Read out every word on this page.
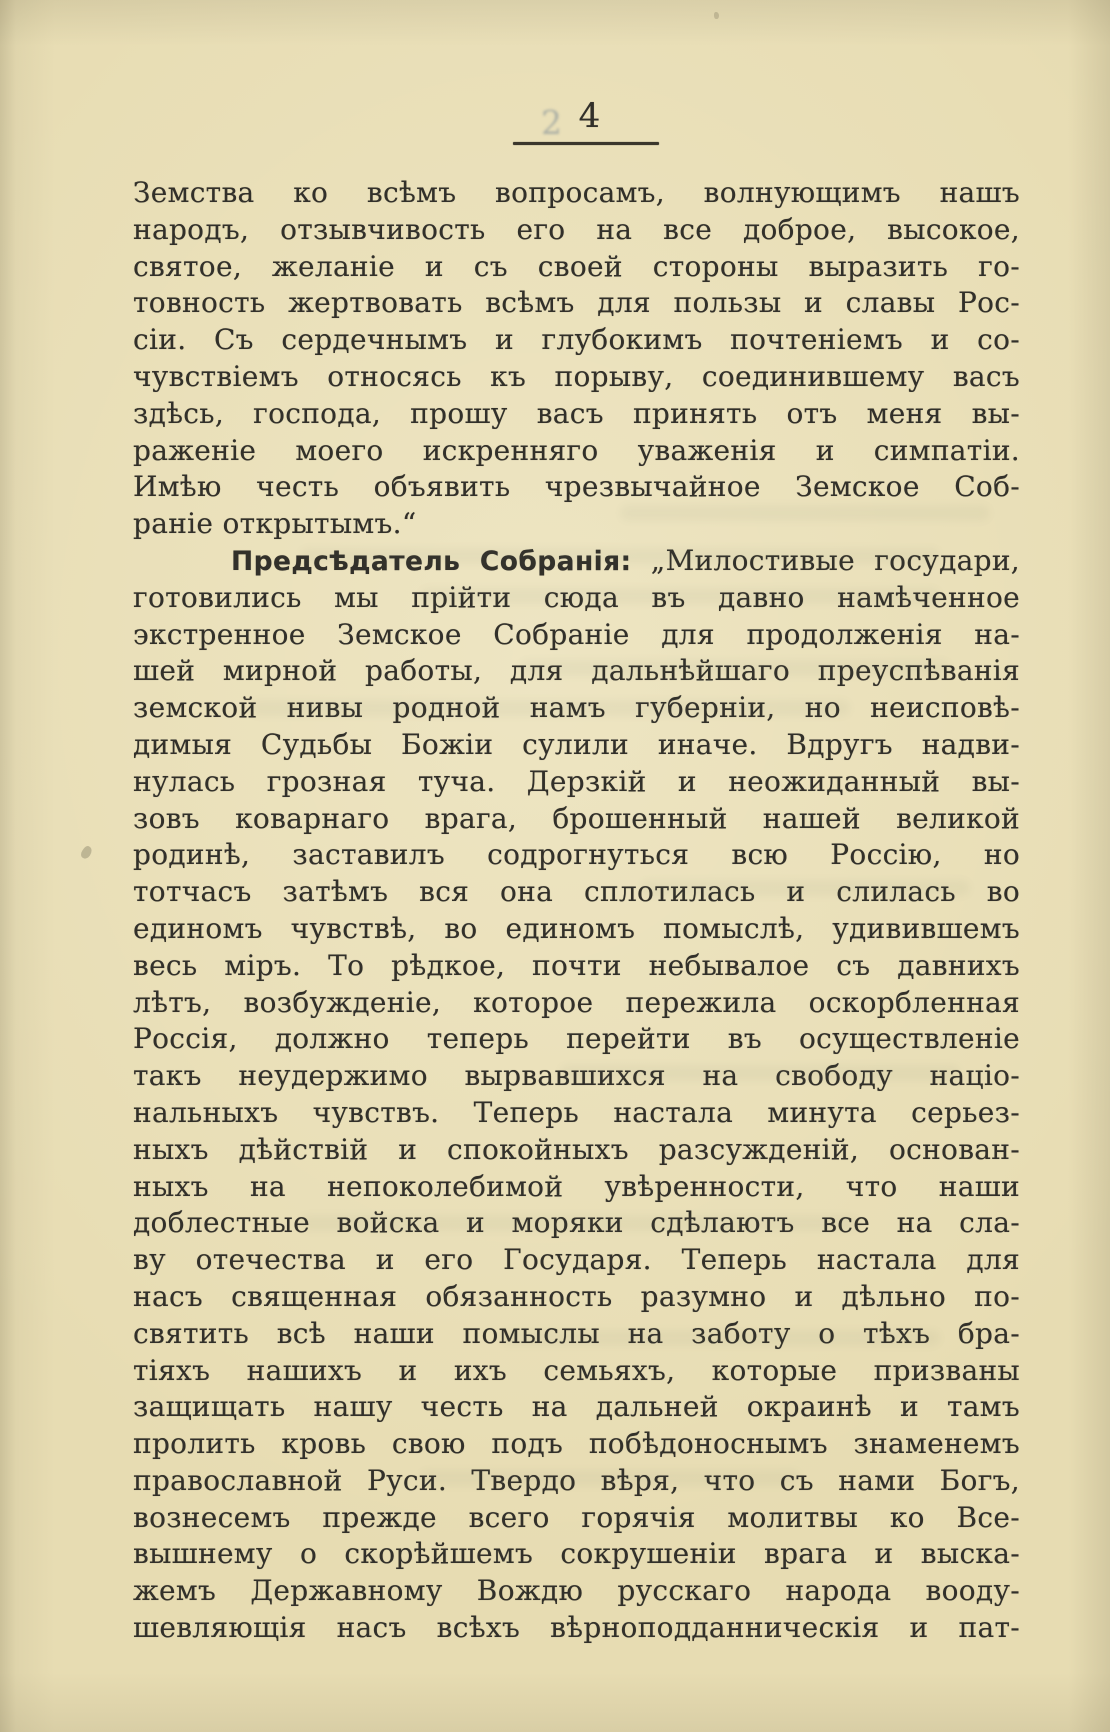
2 4
Земства ко всѣмъ вопросамъ, волнующимъ нашъ
народъ, отзывчивость его на все доброе, высокое,
святое, желаніе и съ своей стороны выразить го-
товность жертвовать всѣмъ для пользы и славы Рос-
сіи. Съ сердечнымъ и глубокимъ почтеніемъ и со-
чувствіемъ относясь къ порыву, соединившему васъ
здѣсь, господа, прошу васъ принять отъ меня вы-
раженіе моего искренняго уваженія и симпатіи.
Имѣю честь объявить чрезвычайное Земское Соб-
раніе открытымъ.“
Предсѣдатель Собранія: „Милостивые государи,
готовились мы прійти сюда въ давно намѣченное
экстренное Земское Собраніе для продолженія на-
шей мирной работы, для дальнѣйшаго преуспѣванія
земской нивы родной намъ губерніи, но неисповѣ-
димыя Судьбы Божіи сулили иначе. Вдругъ надви-
нулась грозная туча. Дерзкій и неожиданный вы-
зовъ коварнаго врага, брошенный нашей великой
родинѣ, заставилъ содрогнуться всю Россію, но
тотчасъ затѣмъ вся она сплотилась и слилась во
единомъ чувствѣ, во единомъ помыслѣ, удивившемъ
весь міръ. То рѣдкое, почти небывалое съ давнихъ
лѣтъ, возбужденіе, которое пережила оскорбленная
Россія, должно теперь перейти въ осуществленіе
такъ неудержимо вырвавшихся на свободу націо-
нальныхъ чувствъ. Теперь настала минута серьез-
ныхъ дѣйствій и спокойныхъ разсужденій, основан-
ныхъ на непоколебимой увѣренности, что наши
доблестные войска и моряки сдѣлаютъ все на сла-
ву отечества и его Государя. Теперь настала для
насъ священная обязанность разумно и дѣльно по-
святить всѣ наши помыслы на заботу о тѣхъ бра-
тіяхъ нашихъ и ихъ семьяхъ, которые призваны
защищать нашу честь на дальней окраинѣ и тамъ
пролить кровь свою подъ побѣдоноснымъ знаменемъ
православной Руси. Твердо вѣря, что съ нами Богъ,
вознесемъ прежде всего горячія молитвы ко Все-
вышнему о скорѣйшемъ сокрушеніи врага и выска-
жемъ Державному Вождю русскаго народа вооду-
шевляющія насъ всѣхъ вѣрноподданническія и пат-
